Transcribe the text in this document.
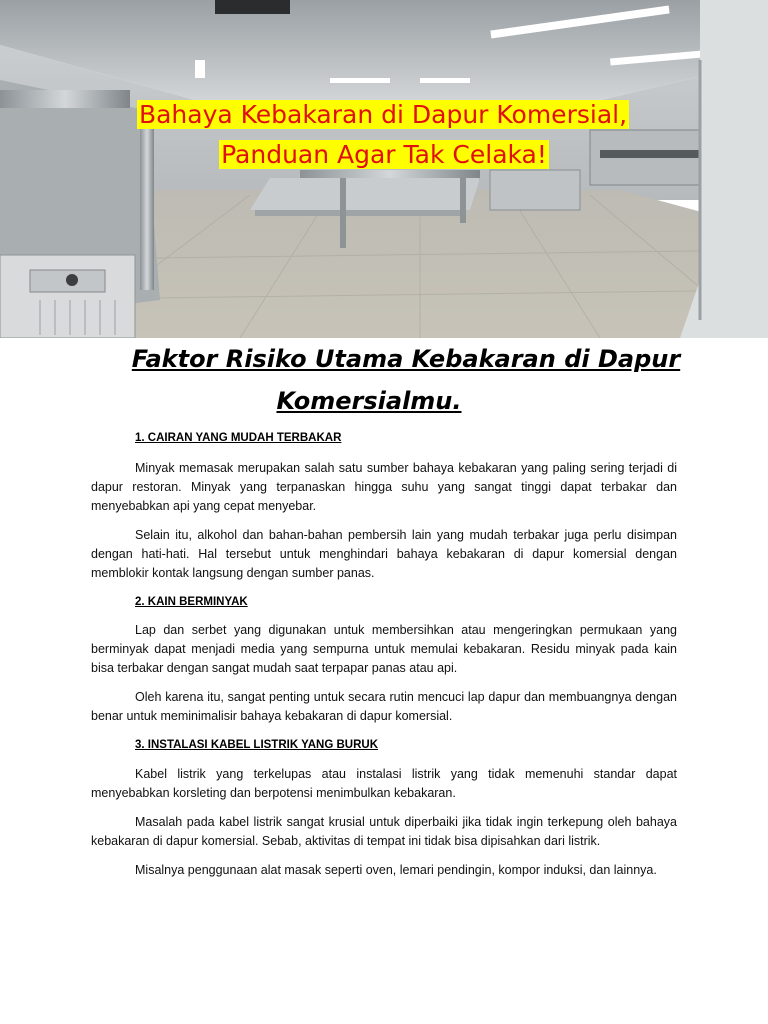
Bahaya Kebakaran di Dapur Komersial,
Panduan Agar Tak Celaka!
Faktor Risiko Utama Kebakaran di Dapur
Komersialmu.
1. CAIRAN YANG MUDAH TERBAKAR

Minyak memasak merupakan salah satu sumber bahaya kebakaran yang paling sering terjadi di dapur restoran. Minyak yang terpanaskan hingga suhu yang sangat tinggi dapat terbakar dan menyebabkan api yang cepat menyebar.

Selain itu, alkohol dan bahan-bahan pembersih lain yang mudah terbakar juga perlu disimpan dengan hati-hati. Hal tersebut untuk menghindari bahaya kebakaran di dapur komersial dengan memblokir kontak langsung dengan sumber panas.

2. KAIN BERMINYAK

Lap dan serbet yang digunakan untuk membersihkan atau mengeringkan permukaan yang berminyak dapat menjadi media yang sempurna untuk memulai kebakaran. Residu minyak pada kain bisa terbakar dengan sangat mudah saat terpapar panas atau api.

Oleh karena itu, sangat penting untuk secara rutin mencuci lap dapur dan membuangnya dengan benar untuk meminimalisir bahaya kebakaran di dapur komersial.

3. INSTALASI KABEL LISTRIK YANG BURUK

Kabel listrik yang terkelupas atau instalasi listrik yang tidak memenuhi standar dapat menyebabkan korsleting dan berpotensi menimbulkan kebakaran.

Masalah pada kabel listrik sangat krusial untuk diperbaiki jika tidak ingin terkepung oleh bahaya kebakaran di dapur komersial. Sebab, aktivitas di tempat ini tidak bisa dipisahkan dari listrik.

Misalnya penggunaan alat masak seperti oven, lemari pendingin, kompor induksi, dan lainnya.
